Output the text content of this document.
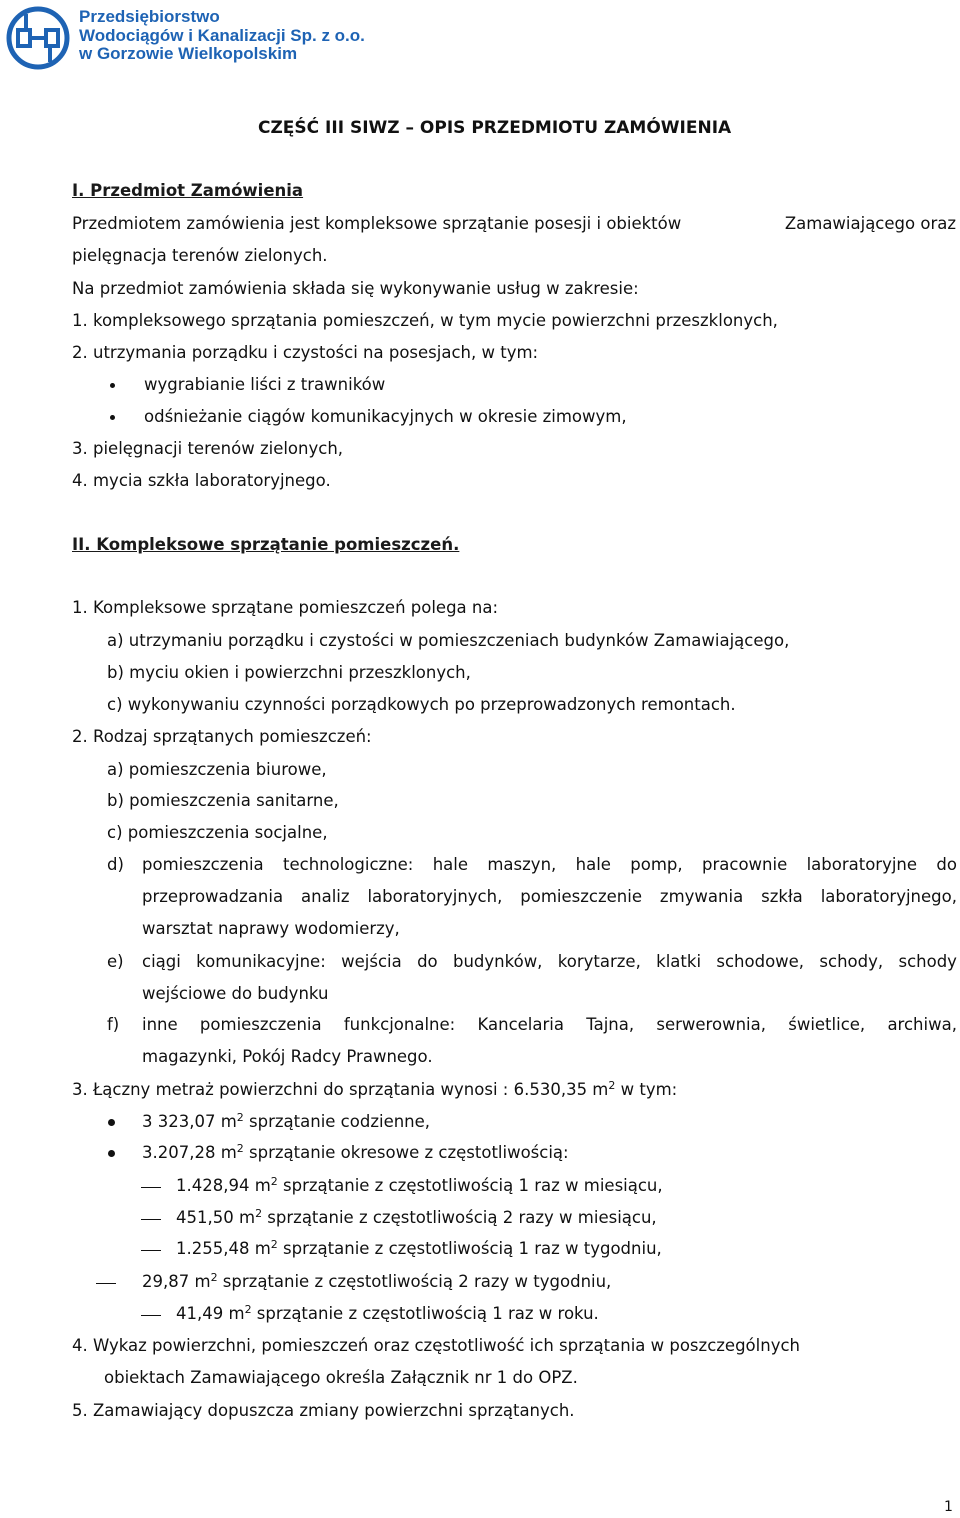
Przedsiębiorstwo
Wodociągów i Kanalizacji Sp. z o.o.
w Gorzowie Wielkopolskim
CZĘŚĆ III SIWZ – OPIS PRZEDMIOTU ZAMÓWIENIA
I. Przedmiot Zamówienia
Przedmiotem zamówienia jest kompleksowe sprzątanie posesji i obiektów	Zamawiającego oraz
pielęgnacja terenów zielonych.
Na przedmiot zamówienia składa się wykonywanie usług w zakresie:
1. kompleksowego sprzątania pomieszczeń, w tym mycie powierzchni przeszklonych,
2. utrzymania porządku i czystości na posesjach, w tym:
wygrabianie liści z trawników
odśnieżanie ciągów komunikacyjnych w okresie zimowym,
3. pielęgnacji terenów zielonych,
4. mycia szkła laboratoryjnego.
II. Kompleksowe sprzątanie pomieszczeń.
1. Kompleksowe sprzątane pomieszczeń polega na:
a) utrzymaniu porządku i czystości w pomieszczeniach budynków Zamawiającego,
b) myciu okien i powierzchni przeszklonych,
c) wykonywaniu czynności porządkowych po przeprowadzonych remontach.
2. Rodzaj sprzątanych pomieszczeń:
a) pomieszczenia biurowe,
b) pomieszczenia sanitarne,
c) pomieszczenia socjalne,
d) pomieszczenia technologiczne: hale maszyn, hale pomp, pracownie laboratoryjne do
przeprowadzania analiz laboratoryjnych, pomieszczenie zmywania szkła laboratoryjnego,
warsztat naprawy wodomierzy,
e) ciągi komunikacyjne: wejścia do budynków, korytarze, klatki schodowe, schody, schody
wejściowe do budynku
f) inne pomieszczenia funkcjonalne: Kancelaria Tajna, serwerownia, świetlice, archiwa,
magazynki, Pokój Radcy Prawnego.
3. Łączny metraż powierzchni do sprzątania wynosi : 6.530,35 $m^2$ w tym:
3 323,07 $m^2$ sprzątanie codzienne,
3.207,28 $m^2$ sprzątanie okresowe z częstotliwością:
1.428,94 $m^2$ sprzątanie z częstotliwością 1 raz w miesiącu,
451,50 $m^2$ sprzątanie z częstotliwością 2 razy w miesiącu,
1.255,48 $m^2$ sprzątanie z częstotliwością 1 raz w tygodniu,
29,87 $m^2$ sprzątanie z częstotliwością 2 razy w tygodniu,
41,49 $m^2$ sprzątanie z częstotliwością 1 raz w roku.
4. Wykaz powierzchni, pomieszczeń oraz częstotliwość ich sprzątania w poszczególnych
obiektach Zamawiającego określa Załącznik nr 1 do OPZ.
5. Zamawiający dopuszcza zmiany powierzchni sprzątanych.
1
